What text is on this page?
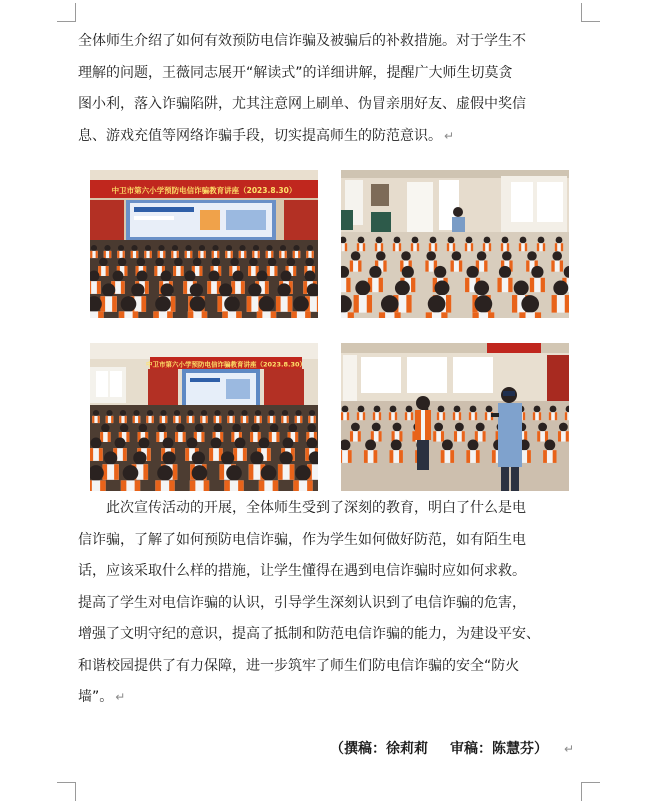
全体师生介绍了如何有效预防电信诈骗及被骗后的补救措施。对于学生不
理解的问题，王薇同志展开“解读式”的详细讲解，提醒广大师生切莫贪
图小利，落入诈骗陷阱，尤其注意网上刷单、伪冒亲朋好友、虚假中奖信
息、游戏充值等网络诈骗手段，切实提高师生的防范意识。 ↵
中卫市第六小学预防电信诈骗教育讲座（2023.8.30）
中卫市第六小学预防电信诈骗教育讲座（2023.8.30）
　　此次宣传活动的开展，全体师生受到了深刻的教育，明白了什么是电
信诈骗，了解了如何预防电信诈骗，作为学生如何做好防范，如有陌生电
话，应该采取什么样的措施，让学生懂得在遇到电信诈骗时应如何求救。
提高了学生对电信诈骗的认识，引导学生深刻认识到了电信诈骗的危害，
增强了文明守纪的意识，提高了抵制和防范电信诈骗的能力，为建设平安、
和谐校园提供了有力保障，进一步筑牢了师生们防电信诈骗的安全“防火
墙”。 ↵
（撰稿：徐莉莉 审稿：陈慧芬） ↵
